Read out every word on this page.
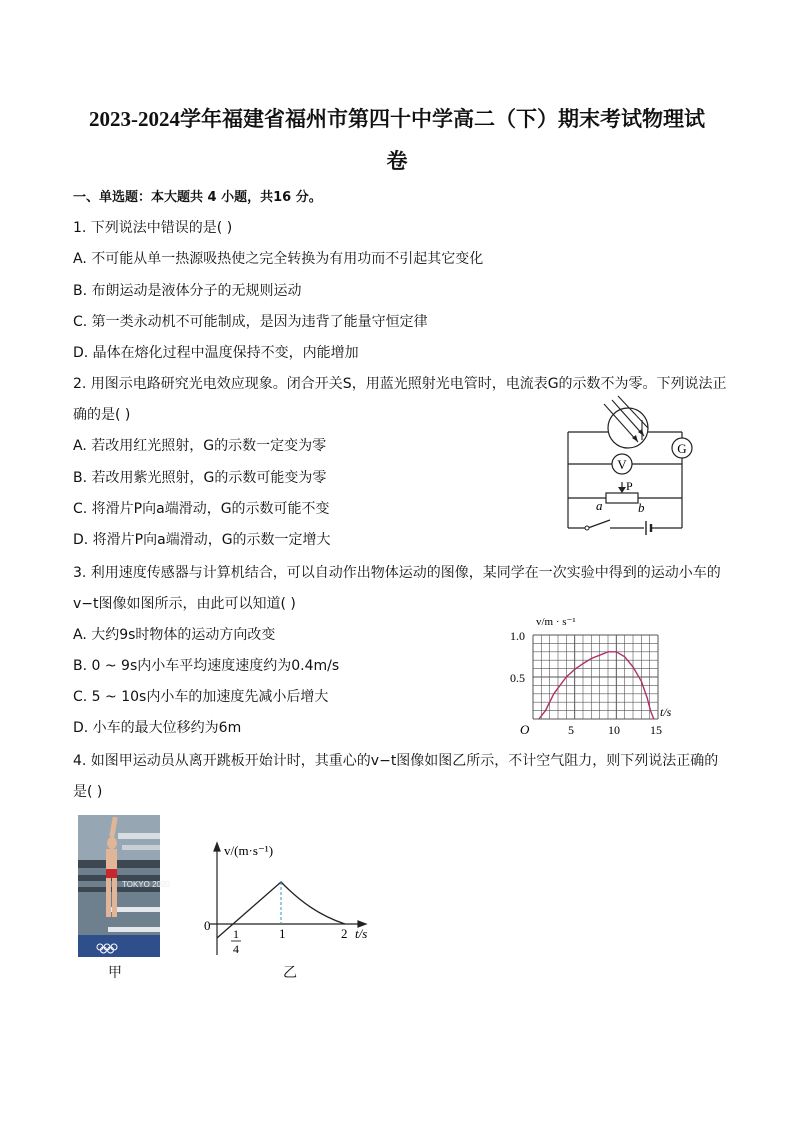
2023-2024学年福建省福州市第四十中学高二（下）期末考试物理试
卷
一、单选题：本大题共 4 小题，共16 分。
1. 下列说法中错误的是( )
A. 不可能从单一热源吸热使之完全转换为有用功而不引起其它变化
B. 布朗运动是液体分子的无规则运动
C. 第一类永动机不可能制成，是因为违背了能量守恒定律
D. 晶体在熔化过程中温度保持不变，内能增加
2. 用图示电路研究光电效应现象。闭合开关S，用蓝光照射光电管时，电流表G的示数不为零。下列说法正
确的是( )
A. 若改用红光照射，G的示数一定变为零
B. 若改用紫光照射，G的示数可能变为零
C. 将滑片P向a端滑动，G的示数可能不变
D. 将滑片P向a端滑动，G的示数一定增大
G
V
P
a	b
3. 利用速度传感器与计算机结合，可以自动作出物体运动的图像，某同学在一次实验中得到的运动小车的
v−t图像如图所示，由此可以知道( )
A. 大约9s时物体的运动方向改变
B. 0 ~ 9s内小车平均速度速度约为0.4m/s
C. 5 ~ 10s内小车的加速度先减小后增大
D. 小车的最大位移约为6m
v/m · s⁻¹
1.0
0.5
O	5	10	15
t/s
4. 如图甲运动员从离开跳板开始计时，其重心的v−t图像如图乙所示，不计空气阻力，则下列说法正确的
是( )
TOKYO 2020
甲
v/(m·s⁻¹)
0
1
4
1	2 t/s
乙
